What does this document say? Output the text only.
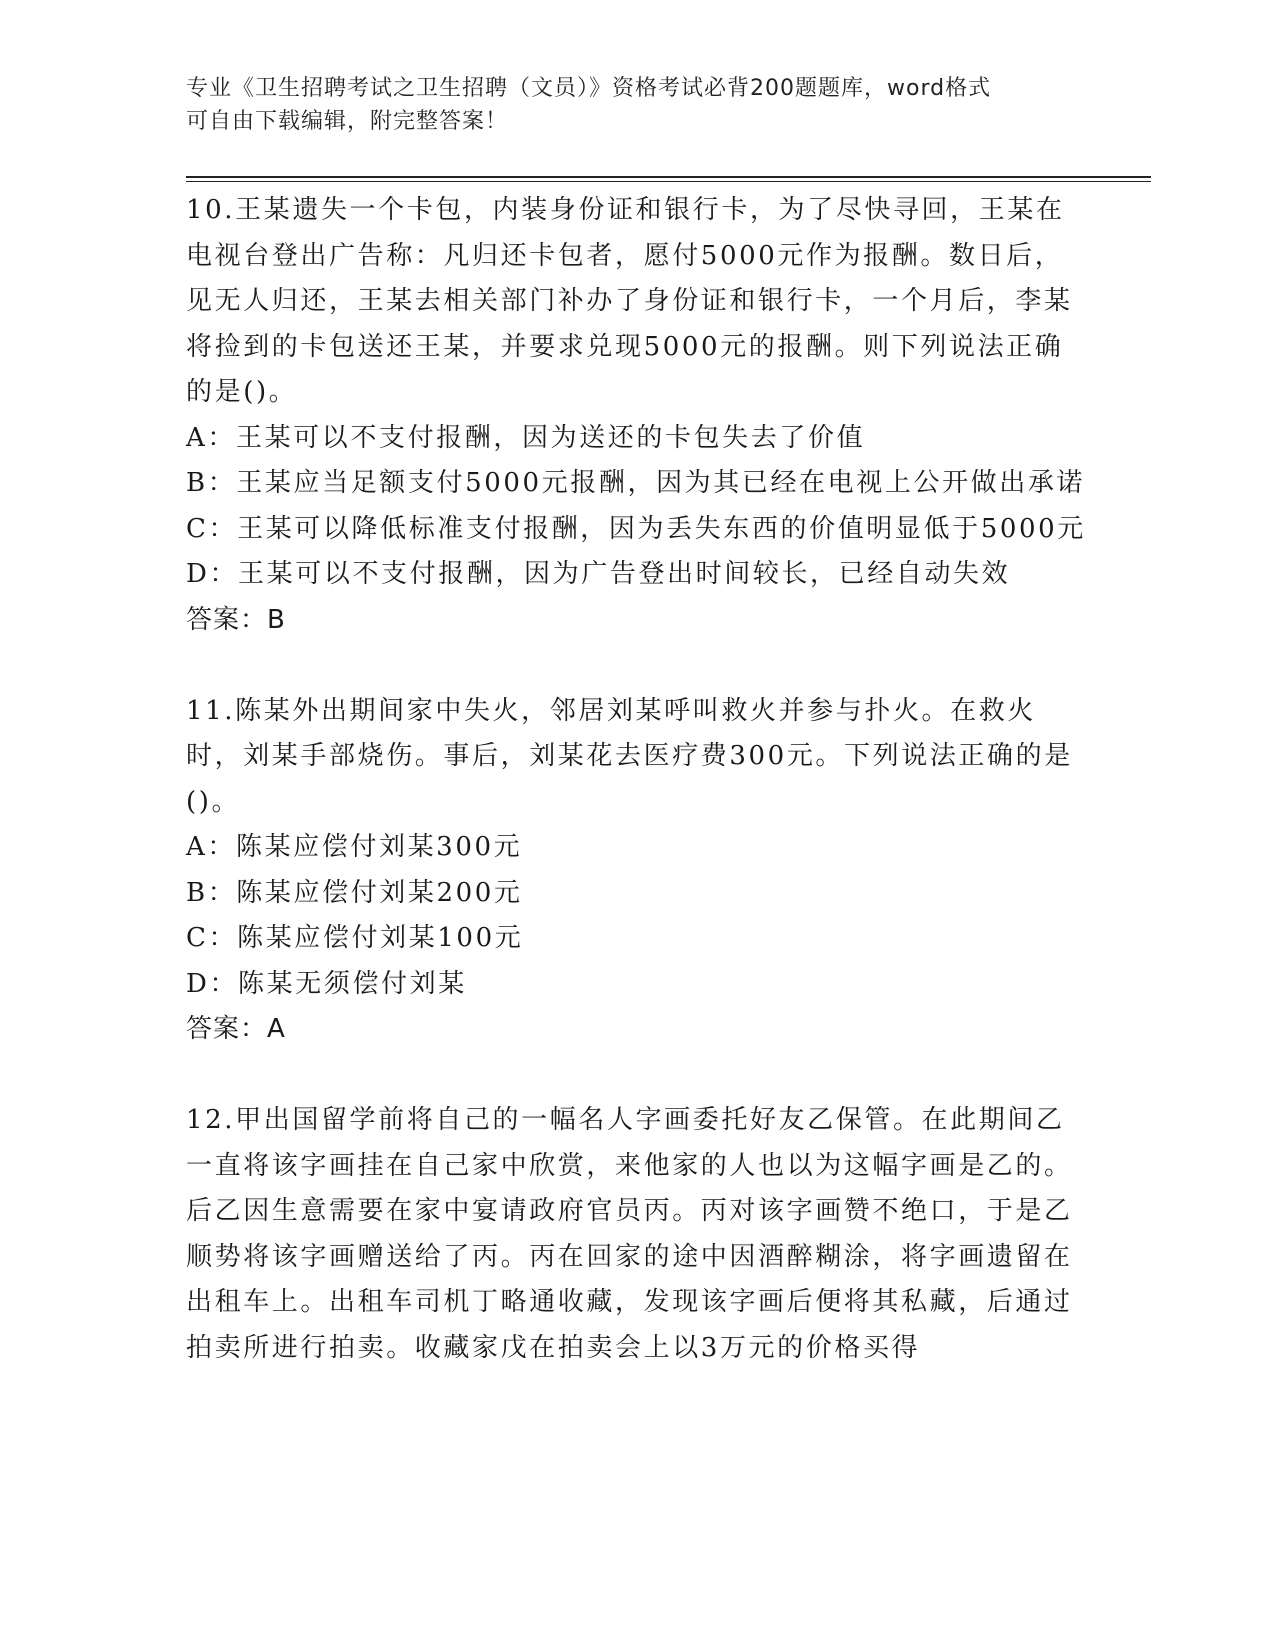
专业《卫生招聘考试之卫生招聘（文员）》资格考试必背200题题库，word格式
可自由下载编辑，附完整答案！

10.王某遗失一个卡包，内装身份证和银行卡，为了尽快寻回，王某在电视台登出广告称：凡归还卡包者，愿付5000元作为报酬。数日后，见无人归还，王某去相关部门补办了身份证和银行卡，一个月后，李某将捡到的卡包送还王某，并要求兑现5000元的报酬。则下列说法正确的是()。

A：王某可以不支付报酬，因为送还的卡包失去了价值

B：王某应当足额支付5000元报酬，因为其已经在电视上公开做出承诺

C：王某可以降低标准支付报酬，因为丢失东西的价值明显低于5000元

D：王某可以不支付报酬，因为广告登出时间较长，已经自动失效

答案：B

11.陈某外出期间家中失火，邻居刘某呼叫救火并参与扑火。在救火时，刘某手部烧伤。事后，刘某花去医疗费300元。下列说法正确的是()。

A：陈某应偿付刘某300元

B：陈某应偿付刘某200元

C：陈某应偿付刘某100元

D：陈某无须偿付刘某

答案：A

12.甲出国留学前将自己的一幅名人字画委托好友乙保管。在此期间乙一直将该字画挂在自己家中欣赏，来他家的人也以为这幅字画是乙的。后乙因生意需要在家中宴请政府官员丙。丙对该字画赞不绝口，于是乙顺势将该字画赠送给了丙。丙在回家的途中因酒醉糊涂，将字画遗留在出租车上。出租车司机丁略通收藏，发现该字画后便将其私藏，后通过拍卖所进行拍卖。收藏家戊在拍卖会上以3万元的价格买得
